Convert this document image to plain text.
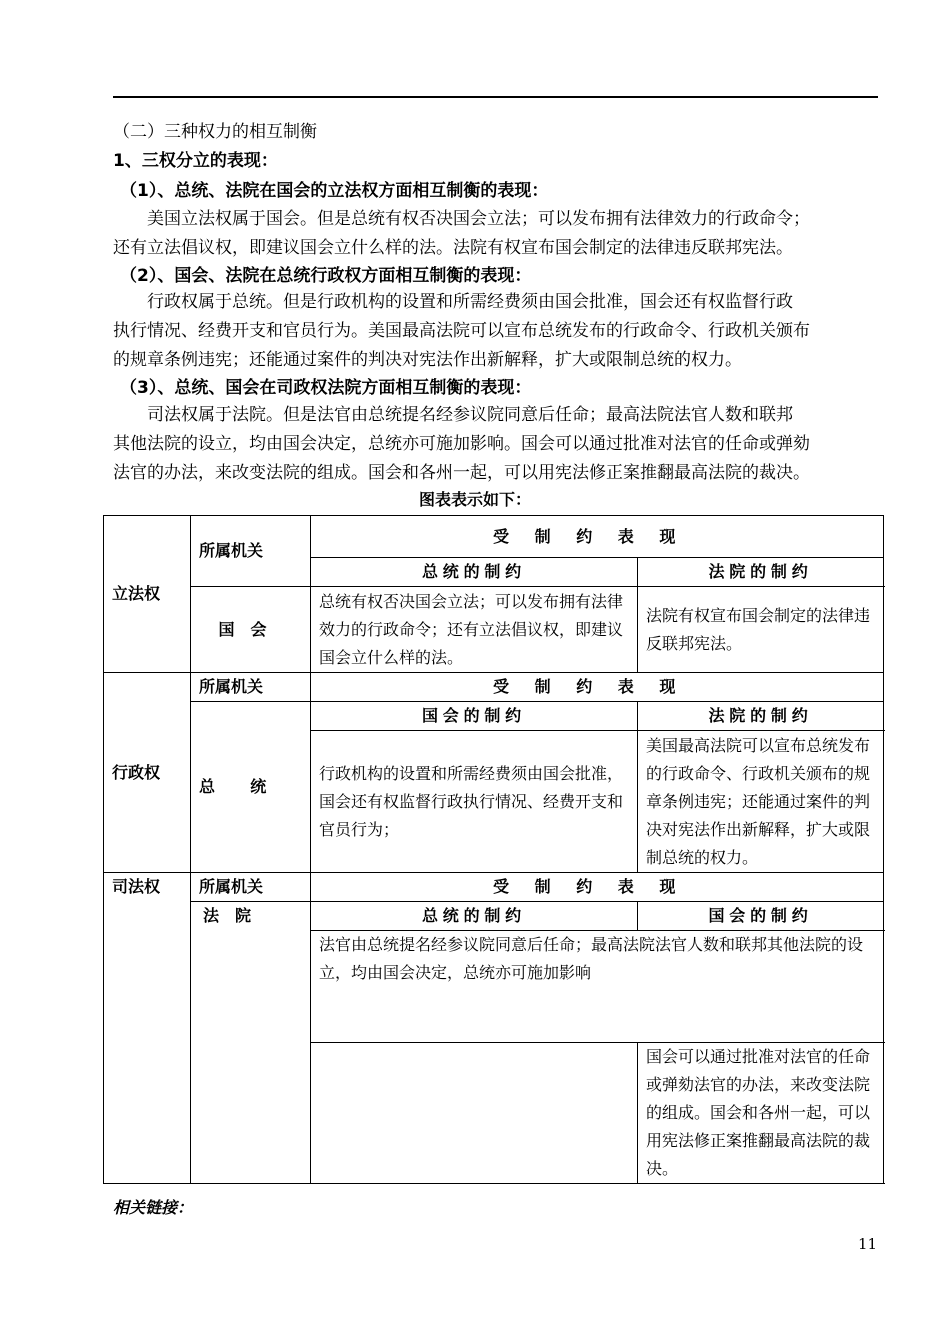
（二）三种权力的相互制衡
1、三权分立的表现：
（1）、总统、法院在国会的立法权方面相互制衡的表现：
美国立法权属于国会。但是总统有权否决国会立法；可以发布拥有法律效力的行政命令；
还有立法倡议权，即建议国会立什么样的法。法院有权宣布国会制定的法律违反联邦宪法。
（2）、国会、法院在总统行政权方面相互制衡的表现：
行政权属于总统。但是行政机构的设置和所需经费须由国会批准，国会还有权监督行政
执行情况、经费开支和官员行为。美国最高法院可以宣布总统发布的行政命令、行政机关颁布
的规章条例违宪；还能通过案件的判决对宪法作出新解释，扩大或限制总统的权力。
（3）、总统、国会在司政权法院方面相互制衡的表现：
司法权属于法院。但是法官由总统提名经参议院同意后任命；最高法院法官人数和联邦
其他法院的设立，均由国会决定，总统亦可施加影响。国会可以通过批准对法官的任命或弹劾
法官的办法，来改变法院的组成。国会和各州一起，可以用宪法修正案推翻最高法院的裁决。
图表表示如下：
立法权	所属机关	受制约表现	
		总统的制约	法院的制约
	国会	总统有权否决国会立法；可以发布拥有法律效力的行政命令；还有立法倡议权，即建议国会立什么样的法。	法院有权宣布国会制定的法律违反联邦宪法。
行政权	所属机关	受制约表现	
	总统	国会的制约	法院的制约
		行政机构的设置和所需经费须由国会批准，国会还有权监督行政执行情况、经费开支和官员行为；	美国最高法院可以宣布总统发布的行政命令、行政机关颁布的规章条例违宪；还能通过案件的判决对宪法作出新解释，扩大或限制总统的权力。
司法权	所属机关	受制约表现	
	法院	总统的制约	国会的制约
		法官由总统提名经参议院同意后任命；最高法院法官人数和联邦其他法院的设立，均由国会决定，总统亦可施加影响	
			国会可以通过批准对法官的任命或弹劾法官的办法，来改变法院的组成。国会和各州一起，可以用宪法修正案推翻最高法院的裁决。
相关链接：
11
